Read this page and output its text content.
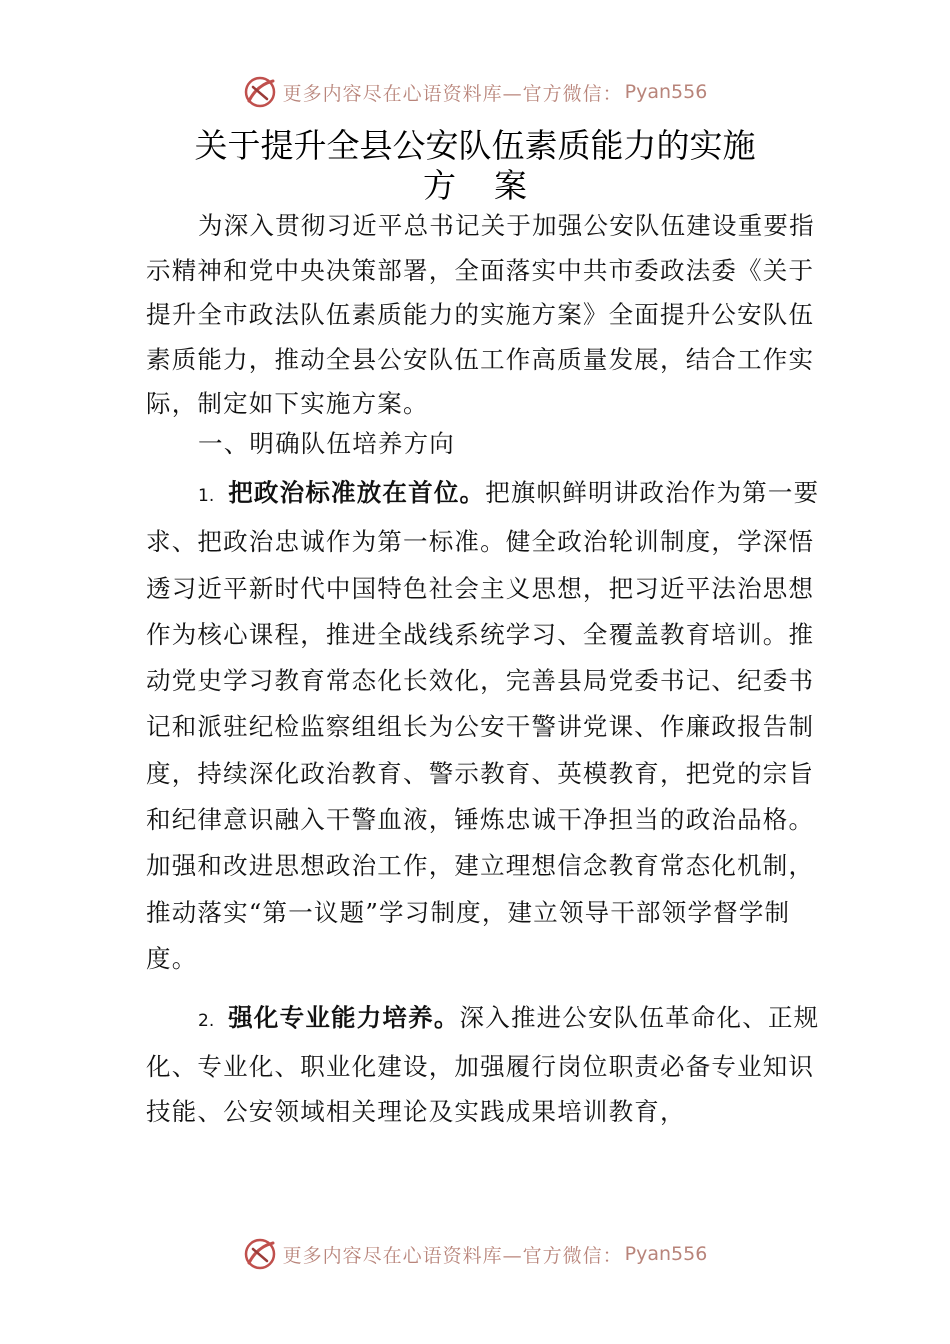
更多内容尽在心语资料库—官方微信： Pyan556
关于提升全县公安队伍素质能力的实施
方案

为深入贯彻习近平总书记关于加强公安队伍建设重要指示精神和党中央决策部署，全面落实中共市委政法委《关于提升全市政法队伍素质能力的实施方案》全面提升公安队伍素质能力，推动全县公安队伍工作高质量发展，结合工作实际，制定如下实施方案。

一、明确队伍培养方向

1. 把政治标准放在首位。把旗帜鲜明讲政治作为第一要求、把政治忠诚作为第一标准。健全政治轮训制度，学深悟透习近平新时代中国特色社会主义思想，把习近平法治思想作为核心课程，推进全战线系统学习、全覆盖教育培训。推动党史学习教育常态化长效化，完善县局党委书记、纪委书记和派驻纪检监察组组长为公安干警讲党课、作廉政报告制度，持续深化政治教育、警示教育、英模教育，把党的宗旨和纪律意识融入干警血液，锤炼忠诚干净担当的政治品格。加强和改进思想政治工作，建立理想信念教育常态化机制，推动落实“第一议题”学习制度，建立领导干部领学督学制度。

2. 强化专业能力培养。深入推进公安队伍革命化、正规化、专业化、职业化建设，加强履行岗位职责必备专业知识技能、公安领域相关理论及实践成果培训教育，

更多内容尽在心语资料库—官方微信： Pyan556
